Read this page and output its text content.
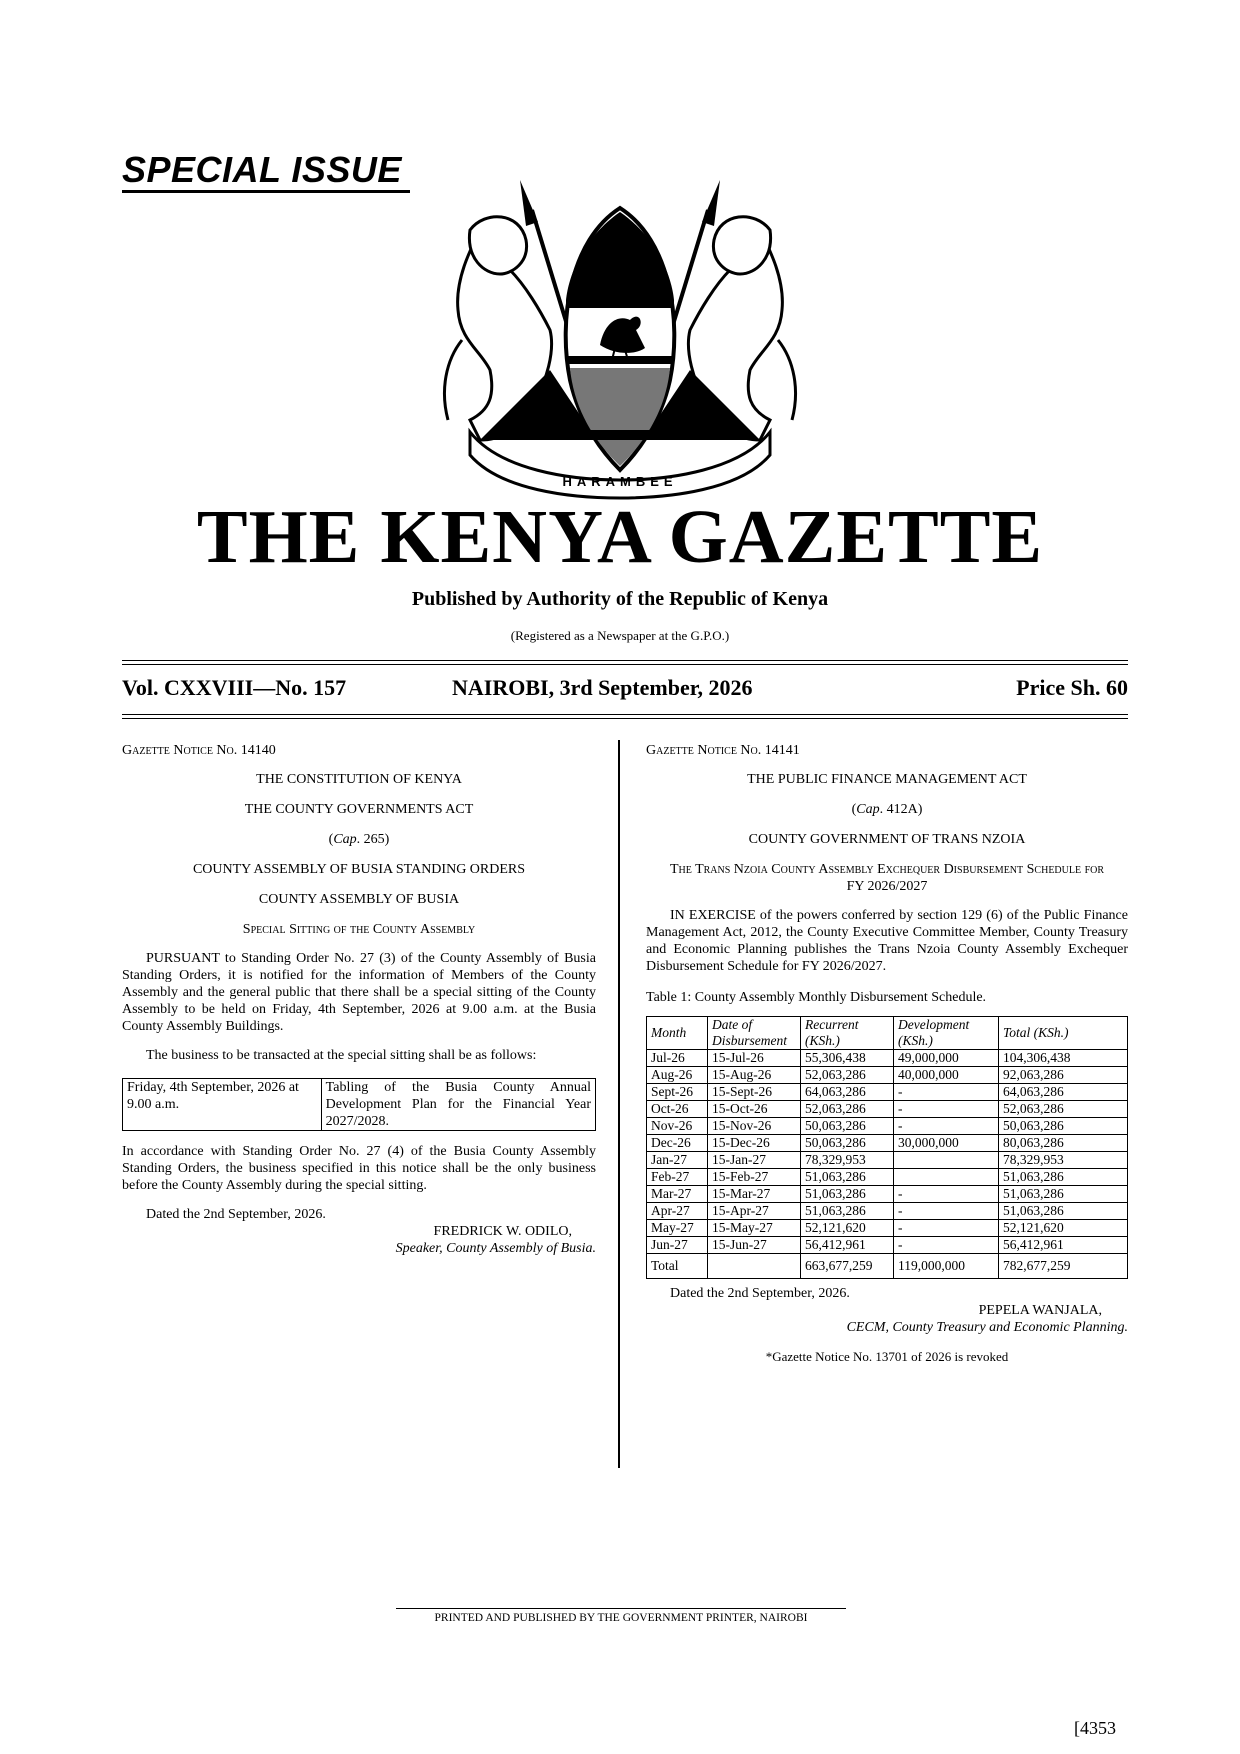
SPECIAL ISSUE
HARAMBEE
THE KENYA GAZETTE
Published by Authority of the Republic of Kenya
(Registered as a Newspaper at the G.P.O.)
Vol. CXXVIII—No. 157	NAIROBI, 3rd September, 2026	Price Sh. 60

Gazette Notice No. 14140

THE CONSTITUTION OF KENYA

THE COUNTY GOVERNMENTS ACT

(Cap. 265)

COUNTY ASSEMBLY OF BUSIA STANDING ORDERS

COUNTY ASSEMBLY OF BUSIA

Special Sitting of the County Assembly

PURSUANT to Standing Order No. 27 (3) of the County Assembly of Busia Standing Orders, it is notified for the information of Members of the County Assembly and the general public that there shall be a special sitting of the County Assembly to be held on Friday, 4th September, 2026 at 9.00 a.m. at the Busia County Assembly Buildings.

The business to be transacted at the special sitting shall be as follows:

Friday, 4th September, 2026 at 9.00 a.m.	Tabling of the Busia County Annual Development Plan for the Financial Year 2027/2028.

In accordance with Standing Order No. 27 (4) of the Busia County Assembly Standing Orders, the business specified in this notice shall be the only business before the County Assembly during the special sitting.

Dated the 2nd September, 2026.

FREDRICK W. ODILO,

Speaker, County Assembly of Busia.

Gazette Notice No. 14141

THE PUBLIC FINANCE MANAGEMENT ACT

(Cap. 412A)

COUNTY GOVERNMENT OF TRANS NZOIA

The Trans Nzoia County Assembly Exchequer Disbursement Schedule for FY 2026/2027

IN EXERCISE of the powers conferred by section 129 (6) of the Public Finance Management Act, 2012, the County Executive Committee Member, County Treasury and Economic Planning publishes the Trans Nzoia County Assembly Exchequer Disbursement Schedule for FY 2026/2027.

Table 1: County Assembly Monthly Disbursement Schedule.

Month	Date of Disbursement	Recurrent (KSh.)	Development (KSh.)	Total (KSh.)
Jul-26	15-Jul-26	55,306,438	49,000,000	104,306,438
Aug-26	15-Aug-26	52,063,286	40,000,000	92,063,286
Sept-26	15-Sept-26	64,063,286	-	64,063,286
Oct-26	15-Oct-26	52,063,286	-	52,063,286
Nov-26	15-Nov-26	50,063,286	-	50,063,286
Dec-26	15-Dec-26	50,063,286	30,000,000	80,063,286
Jan-27	15-Jan-27	78,329,953		78,329,953
Feb-27	15-Feb-27	51,063,286		51,063,286
Mar-27	15-Mar-27	51,063,286	-	51,063,286
Apr-27	15-Apr-27	51,063,286	-	51,063,286
May-27	15-May-27	52,121,620	-	52,121,620
Jun-27	15-Jun-27	56,412,961	-	56,412,961
Total		663,677,259	119,000,000	782,677,259

Dated the 2nd September, 2026.

PEPELA WANJALA,

CECM, County Treasury and Economic Planning.

*Gazette Notice No. 13701 of 2026 is revoked

PRINTED AND PUBLISHED BY THE GOVERNMENT PRINTER, NAIROBI
[4353
